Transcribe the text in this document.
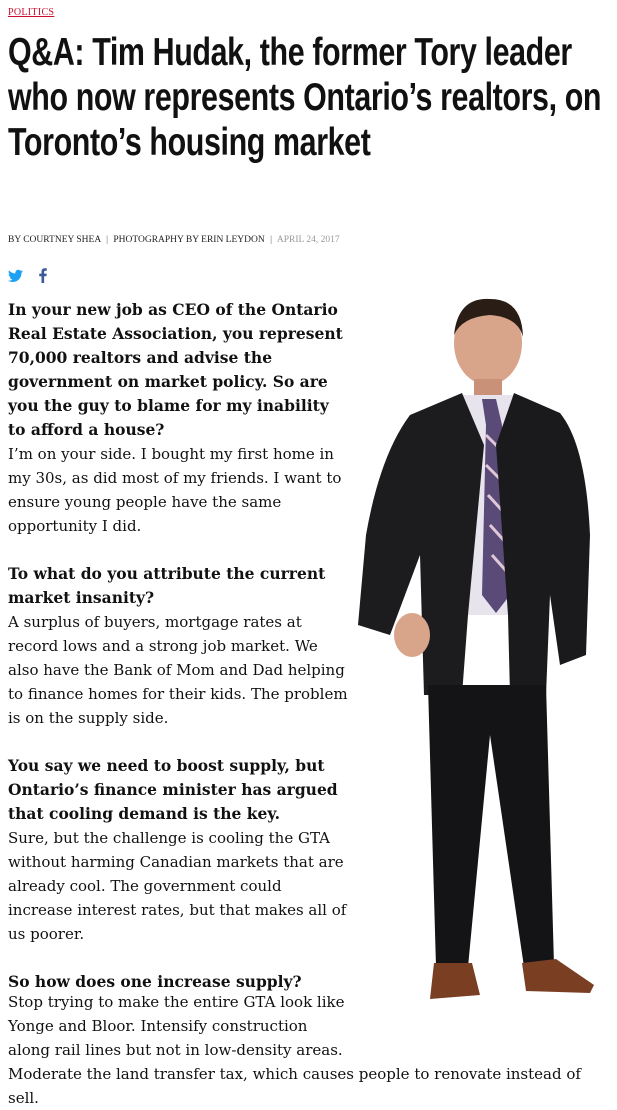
POLITICS
Q&A: Tim Hudak, the former Tory leader who now represents Ontario’s realtors, on Toronto’s housing market
BY COURTNEY SHEA | PHOTOGRAPHY BY ERIN LEYDON | APRIL 24, 2017

In your new job as CEO of the Ontario Real Estate Association, you represent 70,000 realtors and advise the government on market policy. So are you the guy to blame for my inability to afford a house?

I’m on your side. I bought my first home in my 30s, as did most of my friends. I want to ensure young people have the same opportunity I did.

To what do you attribute the current market insanity?

A surplus of buyers, mortgage rates at record lows and a strong job market. We also have the Bank of Mom and Dad helping to finance homes for their kids. The problem is on the supply side.

You say we need to boost supply, but Ontario’s finance minister has argued that cooling demand is the key.

Sure, but the challenge is cooling the GTA without harming Canadian markets that are already cool. The government could increase interest rates, but that makes all of us poorer.

So how does one increase supply?

Stop trying to make the entire GTA look like
Yonge and Bloor. Intensify construction
along rail lines but not in low-density areas.
Moderate the land transfer tax, which causes people to renovate instead of sell.
